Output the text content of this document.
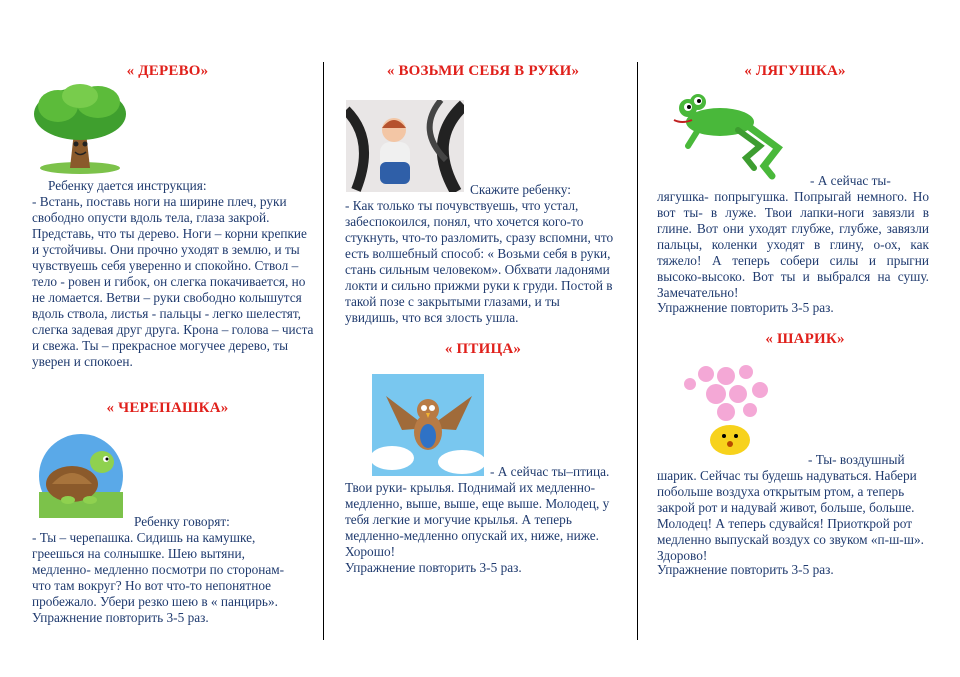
« ДЕРЕВО»

Ребенку дается инструкция:

- Встань, поставь ноги на ширине плеч, руки свободно опусти вдоль тела, глаза закрой. Представь, что ты дерево. Ноги – корни крепкие и устойчивы. Они прочно уходят в землю, и ты чувствуешь себя уверенно и спокойно. Ствол – тело - ровен и гибок, он слегка покачивается, но не ломается. Ветви – руки свободно колышутся вдоль ствола, листья - пальцы - легко шелестят, слегка задевая друг друга. Крона – голова – чиста и свежа. Ты – прекрасное могучее дерево, ты уверен и спокоен.

« ЧЕРЕПАШКА»

Ребенку говорят:

- Ты – черепашка. Сидишь на камушке, греешься на солнышке. Шею вытяни, медленно- медленно посмотри по сторонам- что там вокруг? Но вот что-то непонятное пробежало. Убери резко шею в « панцирь».

Упражнение повторить 3-5 раз.

« ВОЗЬМИ СЕБЯ В РУКИ»

Скажите ребенку:

- Как только ты почувствуешь, что устал, забеспокоился, понял, что хочется кого-то стукнуть, что-то разломить, сразу вспомни, что есть волшебный способ: « Возьми себя в руки, стань сильным человеком». Обхвати ладонями локти и сильно прижми руки к груди. Постой в такой позе с закрытыми глазами, и ты увидишь, что вся злость ушла.

« ПТИЦА»

- А сейчас ты–птица.

Твои руки- крылья. Поднимай их медленно-медленно, выше, выше, еще выше. Молодец, у тебя легкие и могучие крылья. А теперь медленно-медленно опускай их, ниже, ниже. Хорошо!

Упражнение повторить 3-5 раз.

« ЛЯГУШКА»

- А сейчас ты-

лягушка- попрыгушка. Попрыгай немного. Но вот ты- в луже. Твои лапки-ноги завязли в глине. Вот они уходят глубже, глубже, завязли пальцы, коленки уходят в глину, о-ох, как тяжело! А теперь собери силы и прыгни высоко-высоко. Вот ты и выбрался на сушу. Замечательно!

Упражнение повторить 3-5 раз.

« ШАРИК»

- Ты- воздушный

шарик. Сейчас ты будешь надуваться. Набери побольше воздуха открытым ртом, а теперь закрой рот и надувай живот, больше, больше. Молодец! А теперь сдувайся! Приоткрой рот медленно выпускай воздух со звуком «п-ш-ш». Здорово!

Упражнение повторить 3-5 раз.
